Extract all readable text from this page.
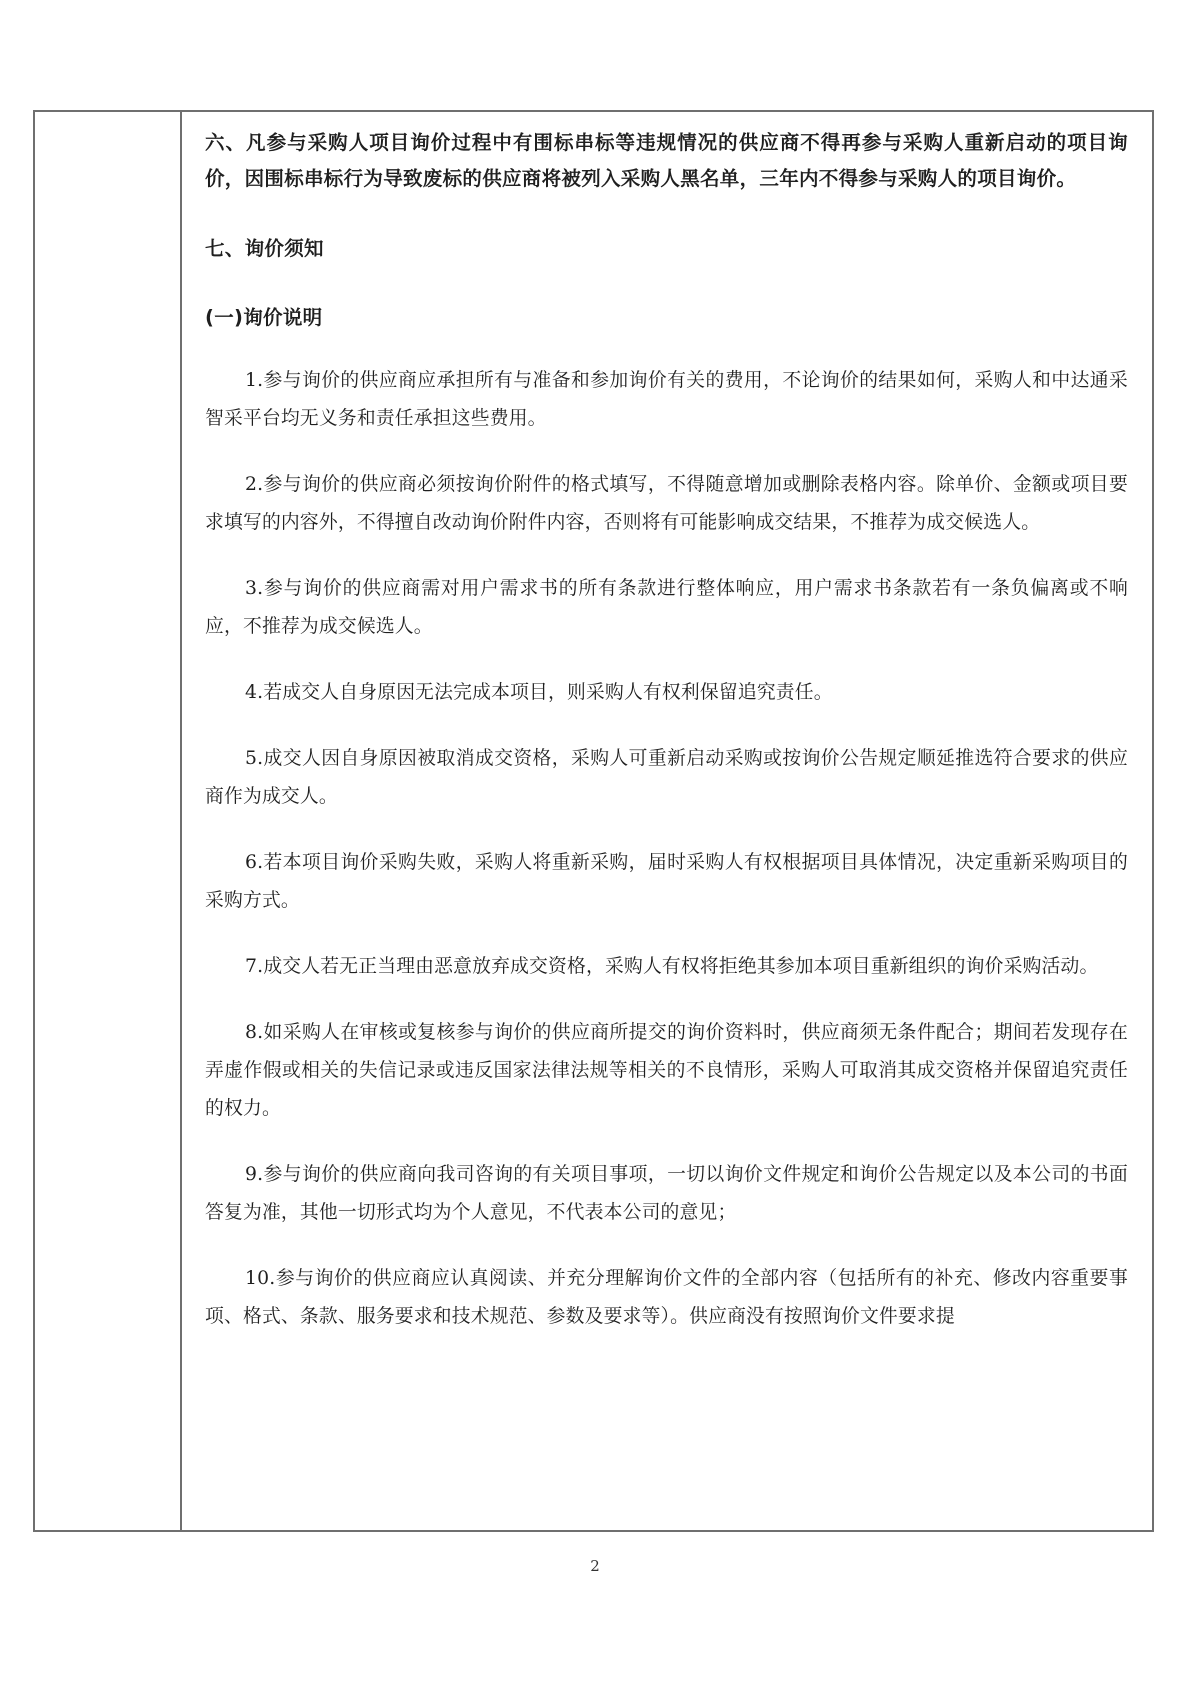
六、凡参与采购人项目询价过程中有围标串标等违规情况的供应商不得再参与采购人重新启动的项目询价，因围标串标行为导致废标的供应商将被列入采购人黑名单，三年内不得参与采购人的项目询价。

七、询价须知

(一)询价说明

1.参与询价的供应商应承担所有与准备和参加询价有关的费用，不论询价的结果如何，采购人和中达通采智采平台均无义务和责任承担这些费用。

2.参与询价的供应商必须按询价附件的格式填写，不得随意增加或删除表格内容。除单价、金额或项目要求填写的内容外，不得擅自改动询价附件内容，否则将有可能影响成交结果，不推荐为成交候选人。

3.参与询价的供应商需对用户需求书的所有条款进行整体响应，用户需求书条款若有一条负偏离或不响应，不推荐为成交候选人。

4.若成交人自身原因无法完成本项目，则采购人有权利保留追究责任。

5.成交人因自身原因被取消成交资格，采购人可重新启动采购或按询价公告规定顺延推选符合要求的供应商作为成交人。

6.若本项目询价采购失败，采购人将重新采购，届时采购人有权根据项目具体情况，决定重新采购项目的采购方式。

7.成交人若无正当理由恶意放弃成交资格，采购人有权将拒绝其参加本项目重新组织的询价采购活动。

8.如采购人在审核或复核参与询价的供应商所提交的询价资料时，供应商须无条件配合；期间若发现存在弄虚作假或相关的失信记录或违反国家法律法规等相关的不良情形，采购人可取消其成交资格并保留追究责任的权力。

9.参与询价的供应商向我司咨询的有关项目事项，一切以询价文件规定和询价公告规定以及本公司的书面答复为准，其他一切形式均为个人意见，不代表本公司的意见；

10.参与询价的供应商应认真阅读、并充分理解询价文件的全部内容（包括所有的补充、修改内容重要事项、格式、条款、服务要求和技术规范、参数及要求等）。供应商没有按照询价文件要求提

2
